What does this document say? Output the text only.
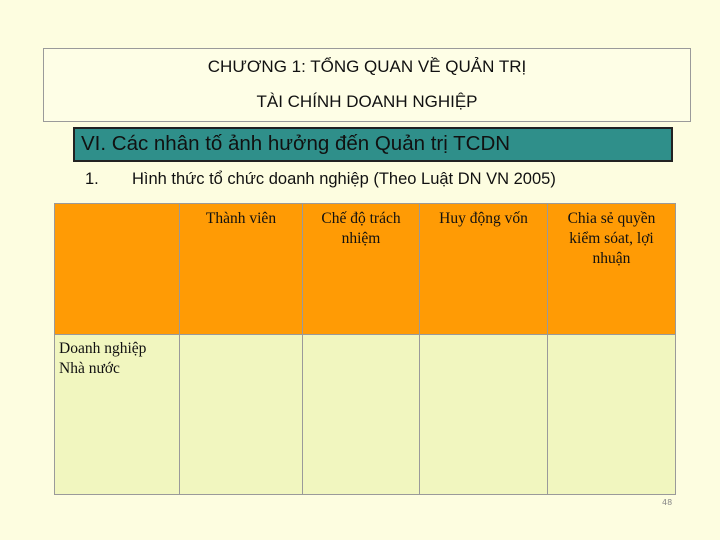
CHƯƠNG 1: TỔNG QUAN VỀ QUẢN TRỊ
TÀI CHÍNH DOANH NGHIỆP
VI. Các nhân tố ảnh hưởng đến Quản trị TCDN
1. Hình thức tổ chức doanh nghiệp (Theo Luật DN VN 2005)
	Thành viên	Chế độ trách nhiệm	Huy động vốn	Chia sẻ quyền kiểm sóat, lợi nhuận
Doanh nghiệp Nhà nước				
48
